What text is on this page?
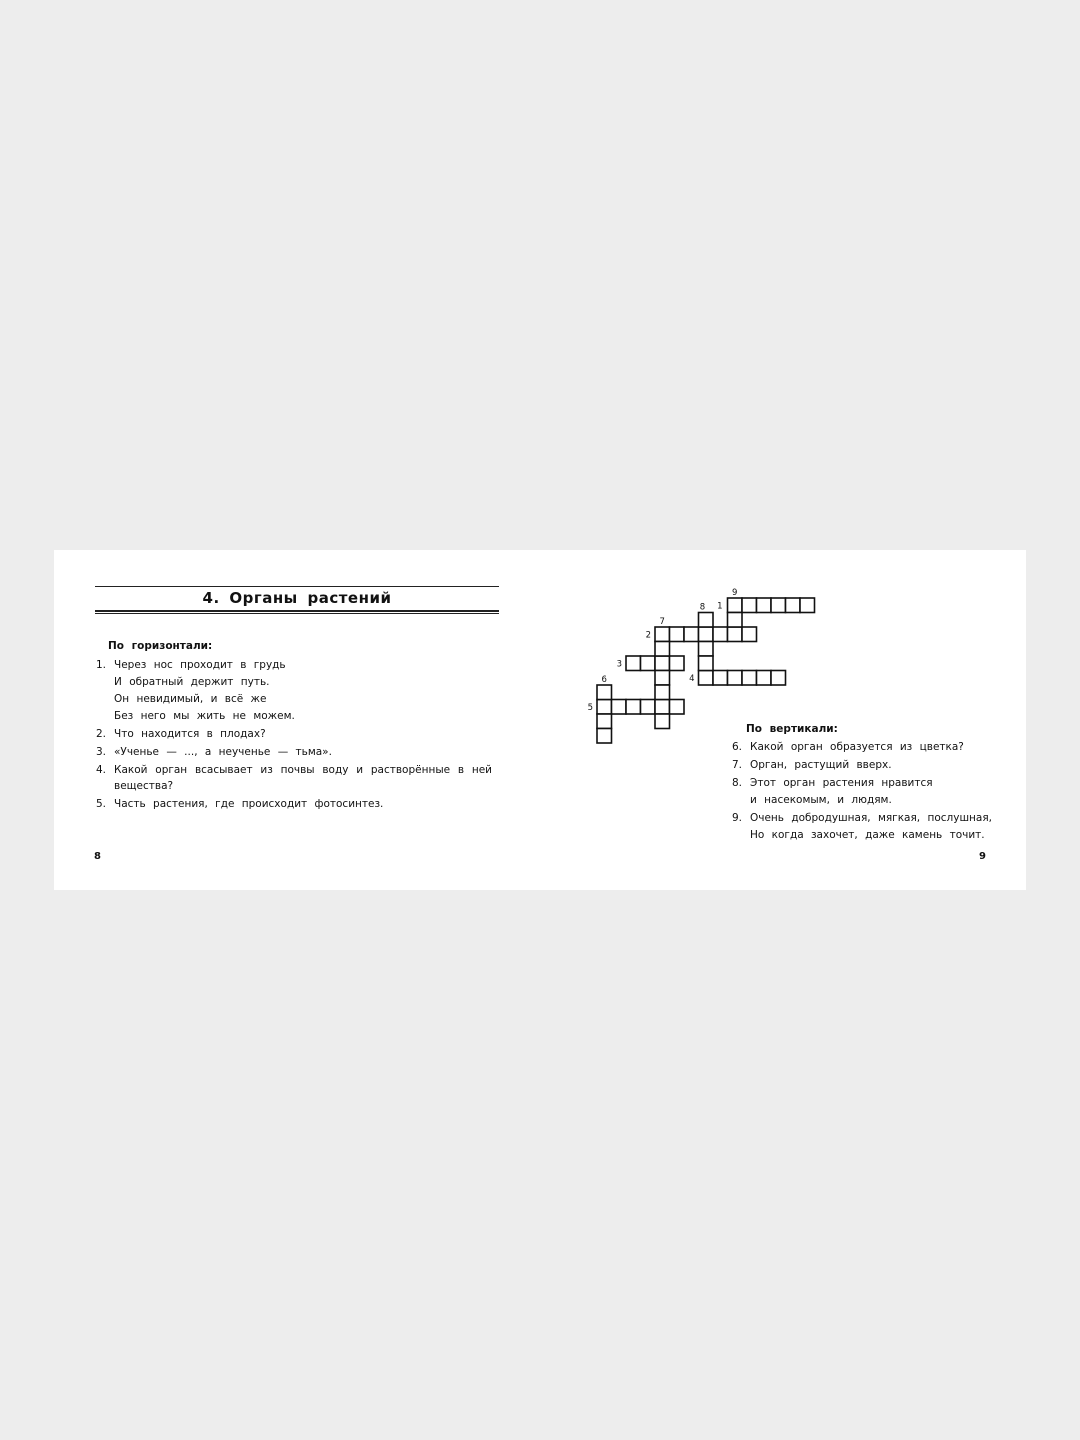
4. Органы растений
По горизонтали:
1. Через нос проходит в грудь
И обратный держит путь.
Он невидимый, и всё же
Без него мы жить не можем.
2. Что находится в плодах?
3. «Ученье — ..., а неученье — тьма».
4. Какой орган всасывает из почвы воду и растворённые в ней вещества?
5. Часть растения, где происходит фотосинтез.
1
2
3
4
5
6
7
8
9
По вертикали:
6. Какой орган образуется из цветка?
7. Орган, растущий вверх.
8. Этот орган растения нравится
и насекомым, и людям.
9. Очень добродушная, мягкая, послушная,
Но когда захочет, даже камень точит.
8	9
